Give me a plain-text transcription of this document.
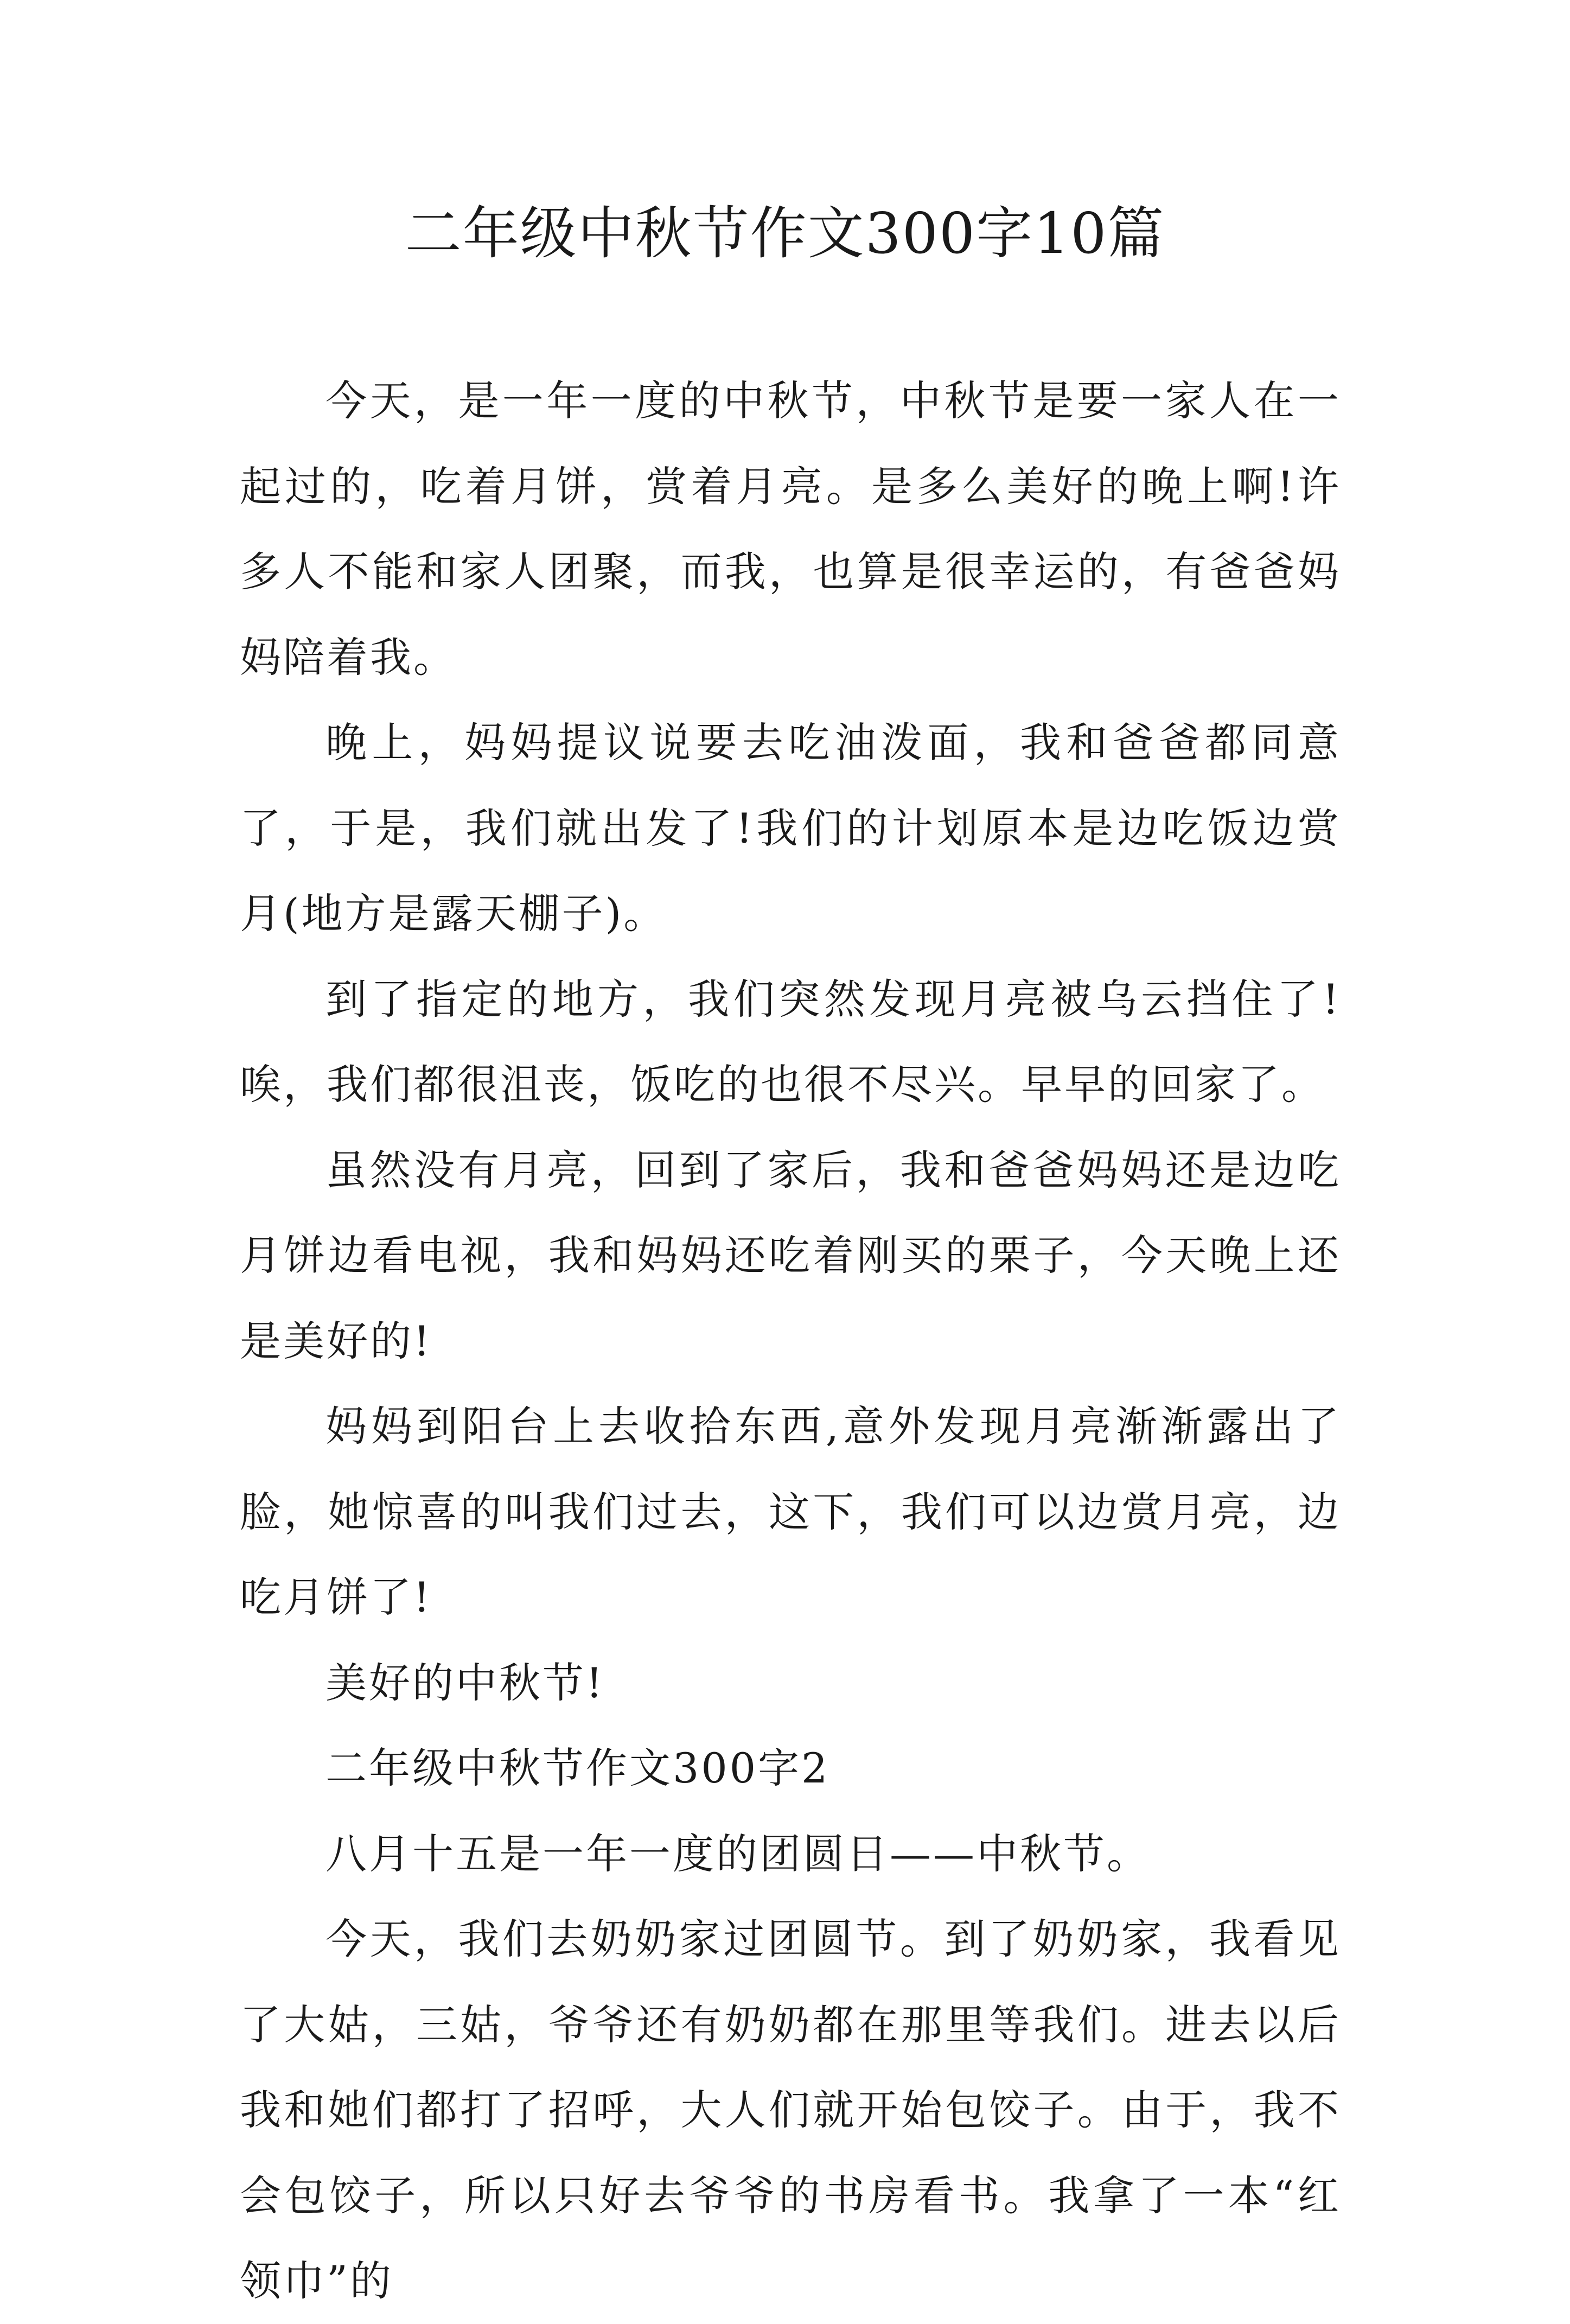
二年级中秋节作文300字10篇

今天，是一年一度的中秋节，中秋节是要一家人在一起过的，吃着月饼，赏着月亮。是多么美好的晚上啊!许多人不能和家人团聚，而我，也算是很幸运的，有爸爸妈妈陪着我。

晚上，妈妈提议说要去吃油泼面，我和爸爸都同意了，于是，我们就出发了!我们的计划原本是边吃饭边赏月(地方是露天棚子)。

到了指定的地方，我们突然发现月亮被乌云挡住了!唉，我们都很沮丧，饭吃的也很不尽兴。早早的回家了。

虽然没有月亮，回到了家后，我和爸爸妈妈还是边吃月饼边看电视，我和妈妈还吃着刚买的栗子，今天晚上还是美好的!

妈妈到阳台上去收拾东西,意外发现月亮渐渐露出了脸，她惊喜的叫我们过去，这下，我们可以边赏月亮，边吃月饼了!

美好的中秋节!

二年级中秋节作文300字2

八月十五是一年一度的团圆日——中秋节。

今天，我们去奶奶家过团圆节。到了奶奶家，我看见了大姑，三姑，爷爷还有奶奶都在那里等我们。进去以后我和她们都打了招呼，大人们就开始包饺子。由于，我不会包饺子，所以只好去爷爷的书房看书。我拿了一本“红领巾”的
